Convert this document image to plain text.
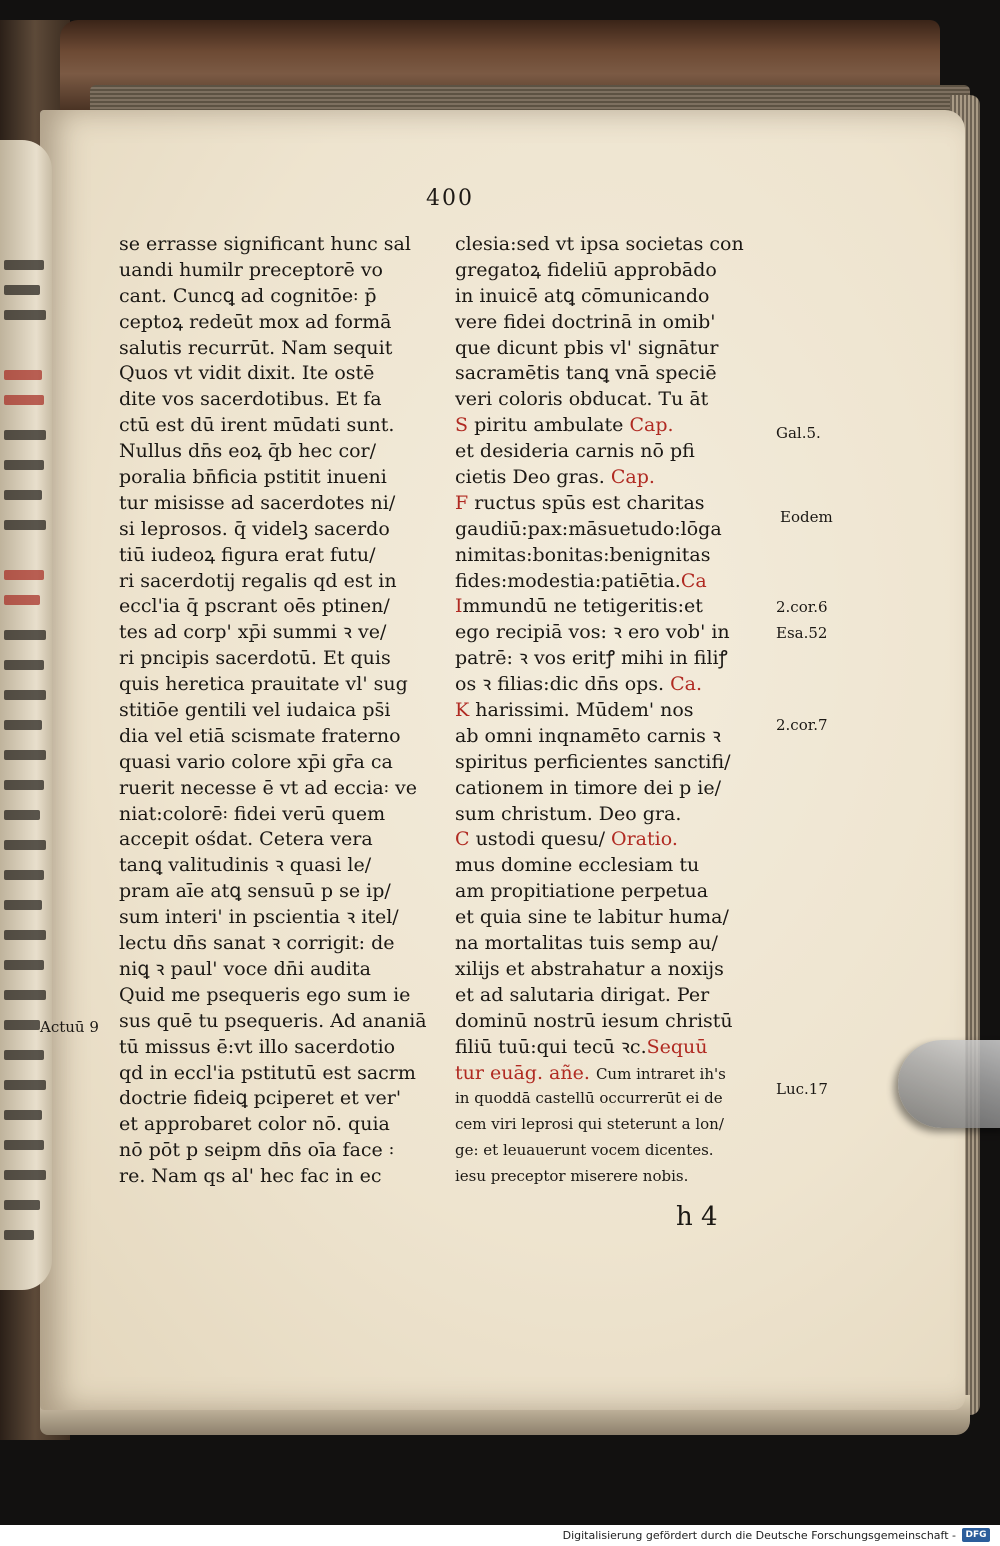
400
se errasse significant hunc sal
uandi humilr preceptorē vo
cant. Cuncꝗ ad cognitōe꞉ p̄
ceptoꝝ redeūt mox ad formā
salutis recurrūt. Nam sequit
Quos vt vidit dixit. Ite ostē
dite vos sacerdotibus. Et fa
ctū est dū irent mūdati sunt.
Nullus dn̄s eoꝝ q̄b hec cor/
poralia bn̄ficia pstitit inueni
tur misisse ad sacerdotes ni/
si leprosos. q̄ videlꝫ sacerdo
tiū iudeoꝝ figura erat futu/
ri sacerdotij regalis qd est in
eccl'ia q̄ pscrant oēs ptinen/
tes ad corp' xp̄i summi ꝛ ve/
ri pncipis sacerdotū. Et quis
quis heretica prauitate vl' sug
stitiōe gentili vel iudaica ps̄i
dia vel etiā scismate fraterno
quasi vario colore xp̄i gr̄a ca
ruerit necesse ē vt ad eccia꞉ ve
niat:colorē꞉ fidei verū quem
accepit ośdat. Cetera vera
tanꝗ valitudinis ꝛ quasi le/
pram aīe atꝗ sensuū p se ip/
sum interi' in pscientia ꝛ itel/
lectu dn̄s sanat ꝛ corrigit: de
niꝗ ꝛ paul' voce dn̄i audita
Quid me psequeris ego sum ie
sus quē tu psequeris. Ad ananiā
tū missus ē:vt illo sacerdotio
qd in eccl'ia pstitutū est sacrm
doctrie fideiꝗ pciperet et ver'
et approbaret color nō. quia
nō pōt p seipm dn̄s oīa face ꞉
re. Nam qs al' hec fac in ec
clesia:sed vt ipsa societas con
gregatoꝝ fideliū approbādo
in inuicē atꝗ cōmunicando
vere fidei doctrinā in omib'
que dicunt pbis vl' signātur
sacramētis tanꝗ vnā speciē
veri coloris obducat. Tu āt
S piritu ambulate Cap.
et desideria carnis nō pfi
cietis Deo gras. Cap.
F ructus spūs est charitas
gaudiū:pax:māsuetudo:lōga
nimitas:bonitas:benignitas
fides:modestia:patiētia.Ca
Immundū ne tetigeritis:et
ego recipiā vos: ꝛ ero vob' in
patrē: ꝛ vos eritꝭ mihi in filiꝭ
os ꝛ filias:dic dn̄s ops. Ca.
K harissimi. Mūdem' nos
ab omni inqnamēto carnis ꝛ
spiritus perficientes sanctifi/
cationem in timore dei p ie/
sum christum. Deo gra.
C ustodi quesu/ Oratio.
mus domine ecclesiam tu
am propitiatione perpetua
et quia sine te labitur huma/
na mortalitas tuis semp au/
xilijs et abstrahatur a noxijs
et ad salutaria dirigat. Per
dominū nostrū iesum christū
filiū tuū:qui tecū ꝛc.Sequū
tur euāg. añe. Cum intraret ih's
in quoddā castellū occurrerūt ei de
cem viri leprosi qui steterunt a lon/
ge: et leuauerunt vocem dicentes.
iesu preceptor miserere nobis.
Gal.5.
Eodem
2.cor.6
Esa.52
2.cor.7
Luc.17
Actuū 9
h 4
Digitalisierung gefördert durch die Deutsche Forschungsgemeinschaft -	DFG
